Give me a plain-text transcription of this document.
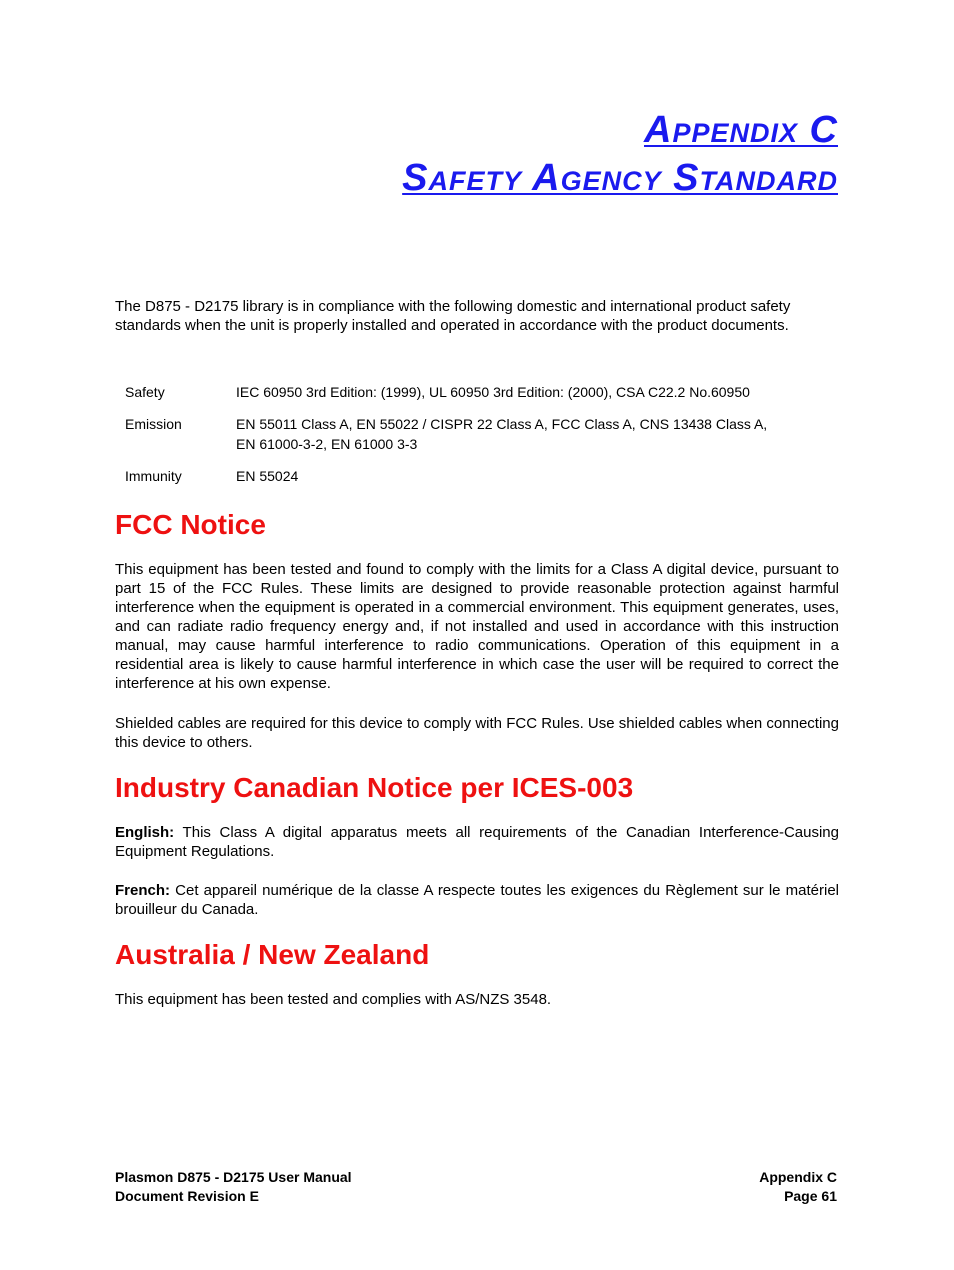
Appendix C
Safety Agency Standard

The D875 - D2175 library is in compliance with the following domestic and international product safety standards when the unit is properly installed and operated in accordance with the product documents.

Safety	IEC 60950 3rd Edition: (1999), UL 60950 3rd Edition: (2000), CSA C22.2 No.60950
Emission	EN 55011 Class A, EN 55022 / CISPR 22 Class A, FCC Class A, CNS 13438 Class A,
EN 61000-3-2, EN 61000 3-3
Immunity	EN 55024
FCC Notice

This equipment has been tested and found to comply with the limits for a Class A digital device, pursuant to part 15 of the FCC Rules. These limits are designed to provide reasonable protection against harmful interference when the equipment is operated in a commercial environment. This equipment generates, uses, and can radiate radio frequency energy and, if not installed and used in accordance with this instruction manual, may cause harmful interference to radio communications. Operation of this equipment in a residential area is likely to cause harmful interference in which case the user will be required to correct the interference at his own expense.

Shielded cables are required for this device to comply with FCC Rules. Use shielded cables when connecting this device to others.

Industry Canadian Notice per ICES-003

English: This Class A digital apparatus meets all requirements of the Canadian Interference-Causing Equipment Regulations.

French: Cet appareil numérique de la classe A respecte toutes les exigences du Règlement sur le matériel brouilleur du Canada.

Australia / New Zealand

This equipment has been tested and complies with AS/NZS 3548.

Plasmon D875 - D2175 User Manual
Document Revision E
Appendix C
Page 61
